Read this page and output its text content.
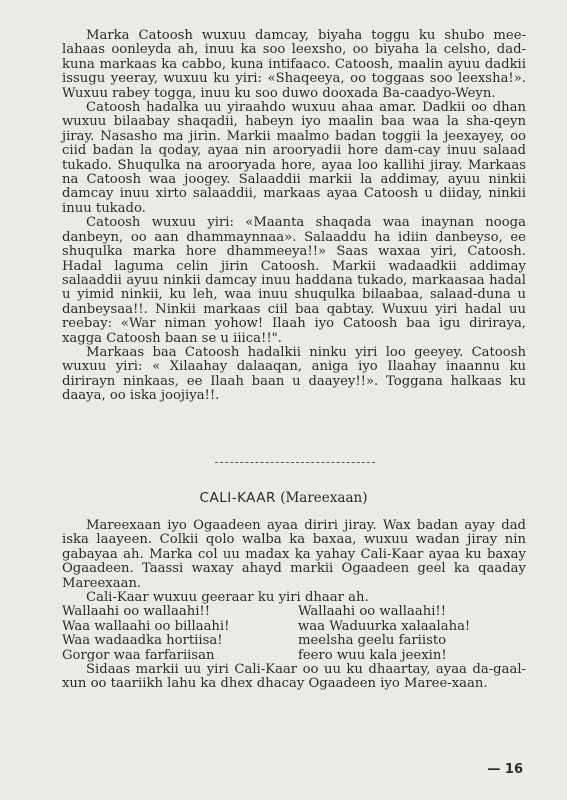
Marka Catoosh wuxuu damcay, biyaha toggu ku shubo mee-lahaas oonleyda ah, inuu ka soo leexsho, oo biyaha la celsho, dad-kuna markaas ka cabbo, kuna intifaaco. Catoosh, maalin ayuu dadkii issugu yeeray, wuxuu ku yiri: «Shaqeeya, oo toggaas soo leexsha!». Wuxuu rabey togga, inuu ku soo duwo dooxada Ba-caadyo-Weyn.

Catoosh hadalka uu yiraahdo wuxuu ahaa amar. Dadkii oo dhan wuxuu bilaabay shaqadii, habeyn iyo maalin baa waa la sha-qeyn jiray. Nasasho ma jirin. Markii maalmo badan toggii la jeexayey, oo ciid badan la qoday, ayaa nin arooryadii hore dam-cay inuu salaad tukado. Shuqulka na arooryada hore, ayaa loo kallihi jiray. Markaas na Catoosh waa joogey. Salaaddii markii la addimay, ayuu ninkii damcay inuu xirto salaaddii, markaas ayaa Catoosh u diiday, ninkii inuu tukado.

Catoosh wuxuu yiri: «Maanta shaqada waa inaynan nooga danbeyn, oo aan dhammaynnaa». Salaaddu ha idiin danbeyso, ee shuqulka marka hore dhammeeya!!» Saas waxaa yiri, Catoosh. Hadal laguma celin jirin Catoosh. Markii wadaadkii addimay salaaddii ayuu ninkii damcay inuu haddana tukado, markaasaa hadal u yimid ninkii, ku leh, waa inuu shuqulka bilaabaa, salaad-duna u danbeysaa!!. Ninkii markaas ciil baa qabtay. Wuxuu yiri hadal uu reebay: «War niman yohow! Ilaah iyo Catoosh baa igu diriraya, xagga Catoosh baan se u iiica!!".

Markaas baa Catoosh hadalkii ninku yiri loo geeyey. Catoosh wuxuu yiri: « Xilaahay dalaaqan, aniga iyo Ilaahay inaannu ku dirirayn ninkaas, ee Ilaah baan u daayey!!». Toggana halkaas ku daaya, oo iska joojiya!!.

CALI-KAAR (Mareexaan)

Mareexaan iyo Ogaadeen ayaa diriri jiray. Wax badan ayay dad iska laayeen. Colkii qolo walba ka baxaa, wuxuu wadan jiray nin gabayaa ah. Marka col uu madax ka yahay Cali-Kaar ayaa ku baxay Ogaadeen. Taassi waxay ahayd markii Ogaadeen geel ka qaaday Mareexaan.

Cali-Kaar wuxuu geeraar ku yiri dhaar ah.

Wallaahi oo wallaahi!!	Wallaahi oo wallaahi!!
Waa wallaahi oo billaahi!	waa Waduurka xalaalaha!
Waa wadaadka hortiisa!	meelsha geelu fariisto
Gorgor waa farfariisan	feero wuu kala jeexin!

Sidaas markii uu yiri Cali-Kaar oo uu ku dhaartay, ayaa da-gaal-xun oo taariikh lahu ka dhex dhacay Ogaadeen iyo Maree-xaan.

— 16
